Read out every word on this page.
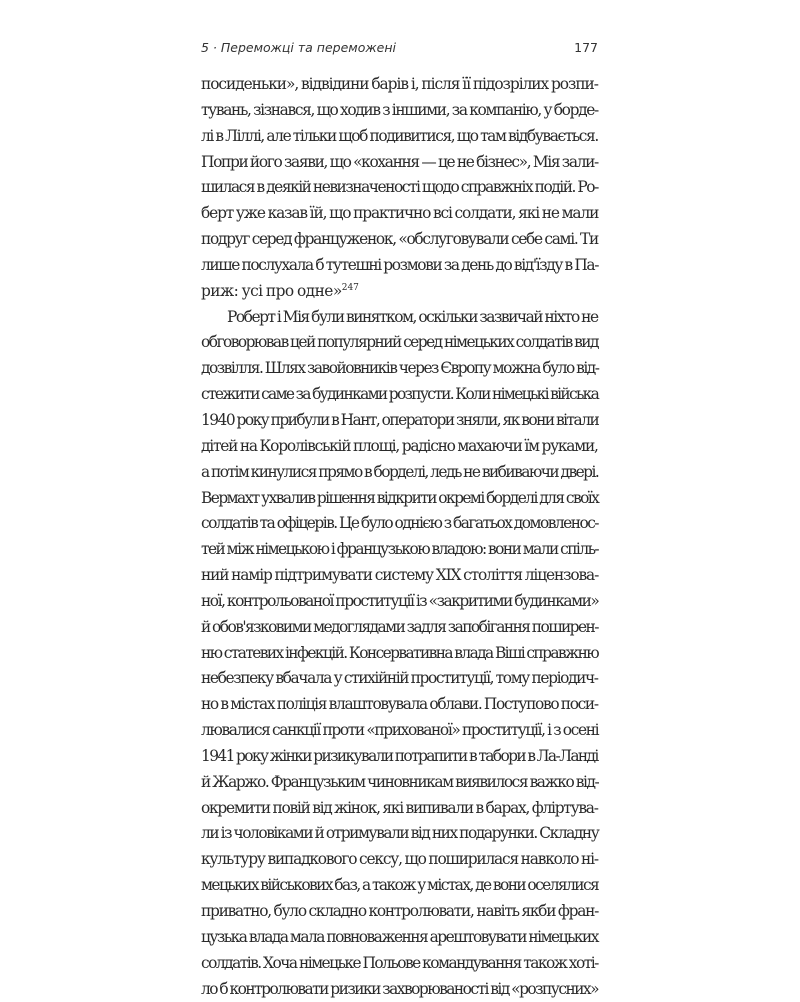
5 · Переможці та переможені	177
посиденьки», відвідини барів і, після її підозрілих розпи-
тувань, зізнався, що ходив з іншими, за компанію, у борде-
лі в Ліллі, але тільки щоб подивитися, що там відбувається.
Попри його заяви, що «кохання — це не бізнес», Мія зали-
шилася в деякій невизначеності щодо справжніх подій. Ро-
берт уже казав їй, що практично всі солдати, які не мали
подруг серед француженок, «обслуговували себе самі. Ти
лише послухала б тутешні розмови за день до від'їзду в Па-
риж: усі про одне»$^{247}$
Роберт і Мія були винятком, оскільки зазвичай ніхто не
обговорював цей популярний серед німецьких солдатів вид
дозвілля. Шлях завойовників через Європу можна було від-
стежити саме за будинками розпусти. Коли німецькі війська
1940 року прибули в Нант, оператори зняли, як вони вітали
дітей на Королівській площі, радісно махаючи їм руками,
а потім кинулися прямо в борделі, ледь не вибиваючи двері.
Вермахт ухвалив рішення відкрити окремі борделі для своїх
солдатів та офіцерів. Це було однією з багатьох домовленос-
тей між німецькою і французькою владою: вони мали спіль-
ний намір підтримувати систему XIX століття ліцензова-
ної, контрольованої проституції із «закритими будинками»
й обов'язковими медоглядами задля запобігання поширен-
ню статевих інфекцій. Консервативна влада Віші справжню
небезпеку вбачала у стихійній проституції, тому періодич-
но в містах поліція влаштовувала облави. Поступово поси-
лювалися санкції проти «прихованої» проституції, і з осені
1941 року жінки ризикували потрапити в табори в Ла-Ланді
й Жаржо. Французьким чиновникам виявилося важко від-
окремити повій від жінок, які випивали в барах, фліртува-
ли із чоловіками й отримували від них подарунки. Складну
культуру випадкового сексу, що поширилася навколо ні-
мецьких військових баз, а також у містах, де вони оселялися
приватно, було складно контролювати, навіть якби фран-
цузька влада мала повноваження арештовувати німецьких
солдатів. Хоча німецьке Польове командування також хоті-
ло б контролювати ризики захворюваності від «розпусних»
